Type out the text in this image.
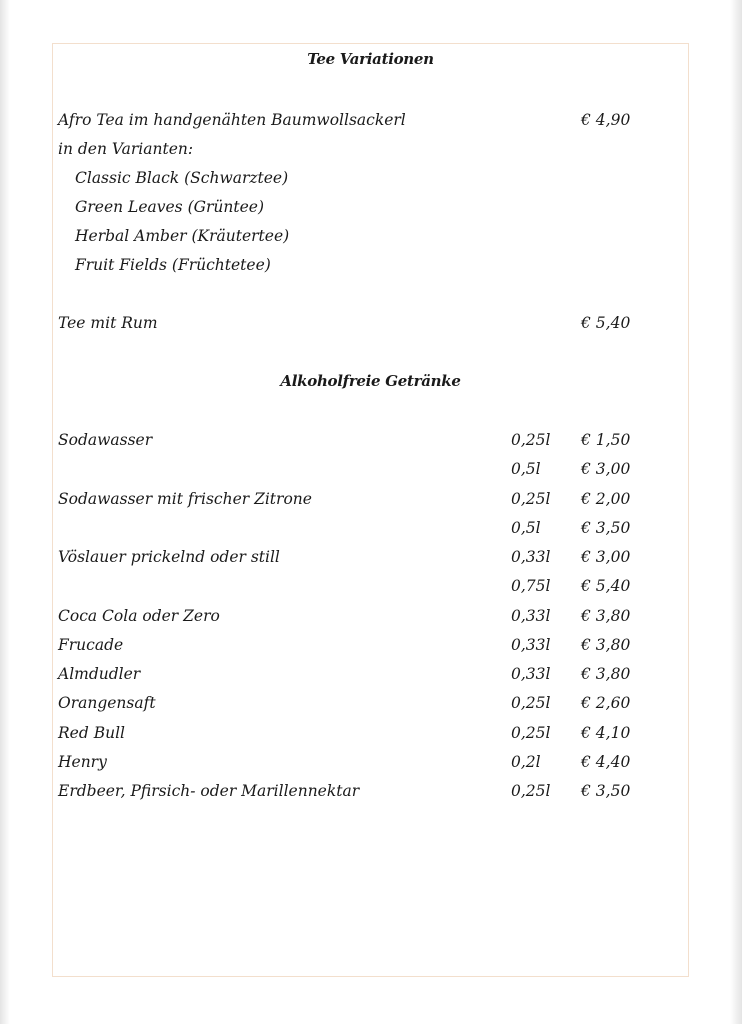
Tee Variationen
Afro Tea im handgenähten Baumwollsackerl	€ 4,90
in den Varianten:
Classic Black (Schwarztee)
Green Leaves (Grüntee)
Herbal Amber (Kräutertee)
Fruit Fields (Früchtetee)
Tee mit Rum	€ 5,40
Alkoholfreie Getränke
Sodawasser	0,25l € 1,50
0,5l	€ 3,00
Sodawasser mit frischer Zitrone	0,25l € 2,00
0,5l	€ 3,50
Vöslauer prickelnd oder still	0,33l € 3,00
0,75l € 5,40
Coca Cola oder Zero	0,33l € 3,80
Frucade	0,33l € 3,80
Almdudler	0,33l € 3,80
Orangensaft	0,25l € 2,60
Red Bull	0,25l € 4,10
Henry	0,2l	€ 4,40
Erdbeer, Pfirsich- oder Marillennektar	0,25l € 3,50
